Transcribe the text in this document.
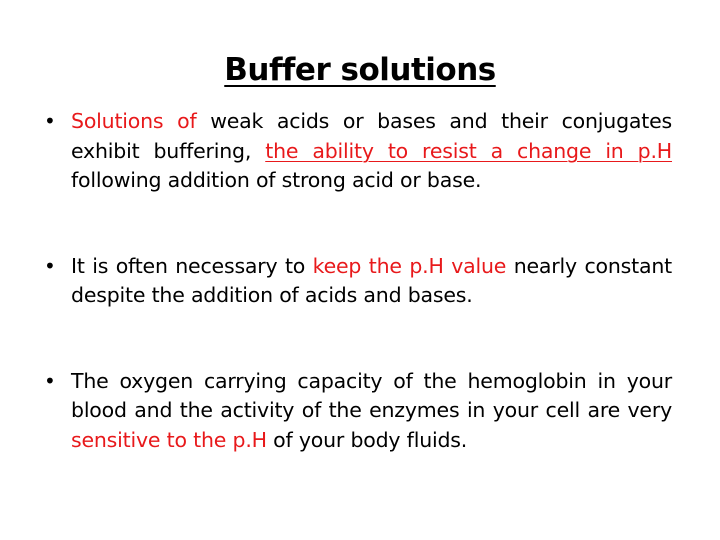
Buffer solutions
• Solutions of weak acids or bases and their conjugates exhibit buffering, the ability to resist a change in p.H following addition of strong acid or base.
• It is often necessary to keep the p.H value nearly constant despite the addition of acids and bases.
• The oxygen carrying capacity of the hemoglobin in your blood and the activity of the enzymes in your cell are very sensitive to the p.H of your body fluids.
